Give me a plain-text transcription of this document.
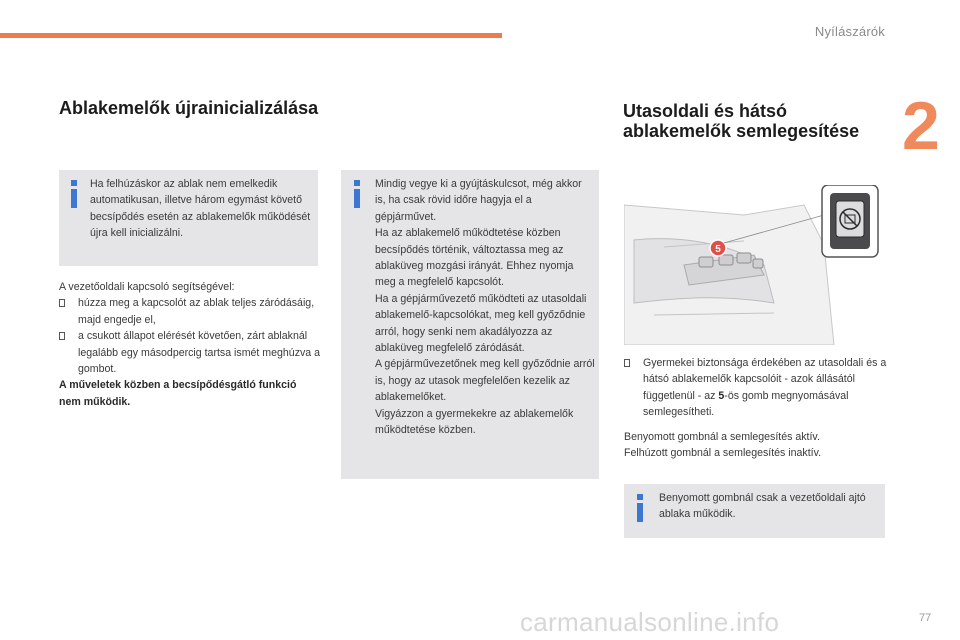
Nyílászárók
2
Ablakemelők újrainicializálása
Ha felhúzáskor az ablak nem emelkedik automatikusan, illetve három egymást követő becsípődés esetén az ablakemelők működését újra kell inicializálni.
A vezetőoldali kapcsoló segítségével:
húzza meg a kapcsolót az ablak teljes záródásáig, majd engedje el,
a csukott állapot elérését követően, zárt ablaknál legalább egy másodpercig tartsa ismét meghúzva a gombot.
A műveletek közben a becsípődésgátló funkció nem működik.
Mindig vegye ki a gyújtáskulcsot, még akkor is, ha csak rövid időre hagyja el a gépjárművet.
Ha az ablakemelő működtetése közben becsípődés történik, változtassa meg az ablaküveg mozgási irányát. Ehhez nyomja meg a megfelelő kapcsolót.
Ha a gépjárművezető működteti az utasoldali ablakemelő-kapcsolókat, meg kell győződnie arról, hogy senki nem akadályozza az ablaküveg megfelelő záródását.
A gépjárművezetőnek meg kell győződnie arról is, hogy az utasok megfelelően kezelik az ablakemelőket.
Vigyázzon a gyermekekre az ablakemelők működtetése közben.
Utasoldali és hátsó ablakemelők semlegesítése
5
Gyermekei biztonsága érdekében az utasoldali és a hátsó ablakemelők kapcsolóit - azok állásától függetlenül - az 5-ös gomb megnyomásával semlegesítheti.
Benyomott gombnál a semlegesítés aktív.
Felhúzott gombnál a semlegesítés inaktív.
Benyomott gombnál csak a vezetőoldali ajtó ablaka működik.
carmanualsonline.info	77
